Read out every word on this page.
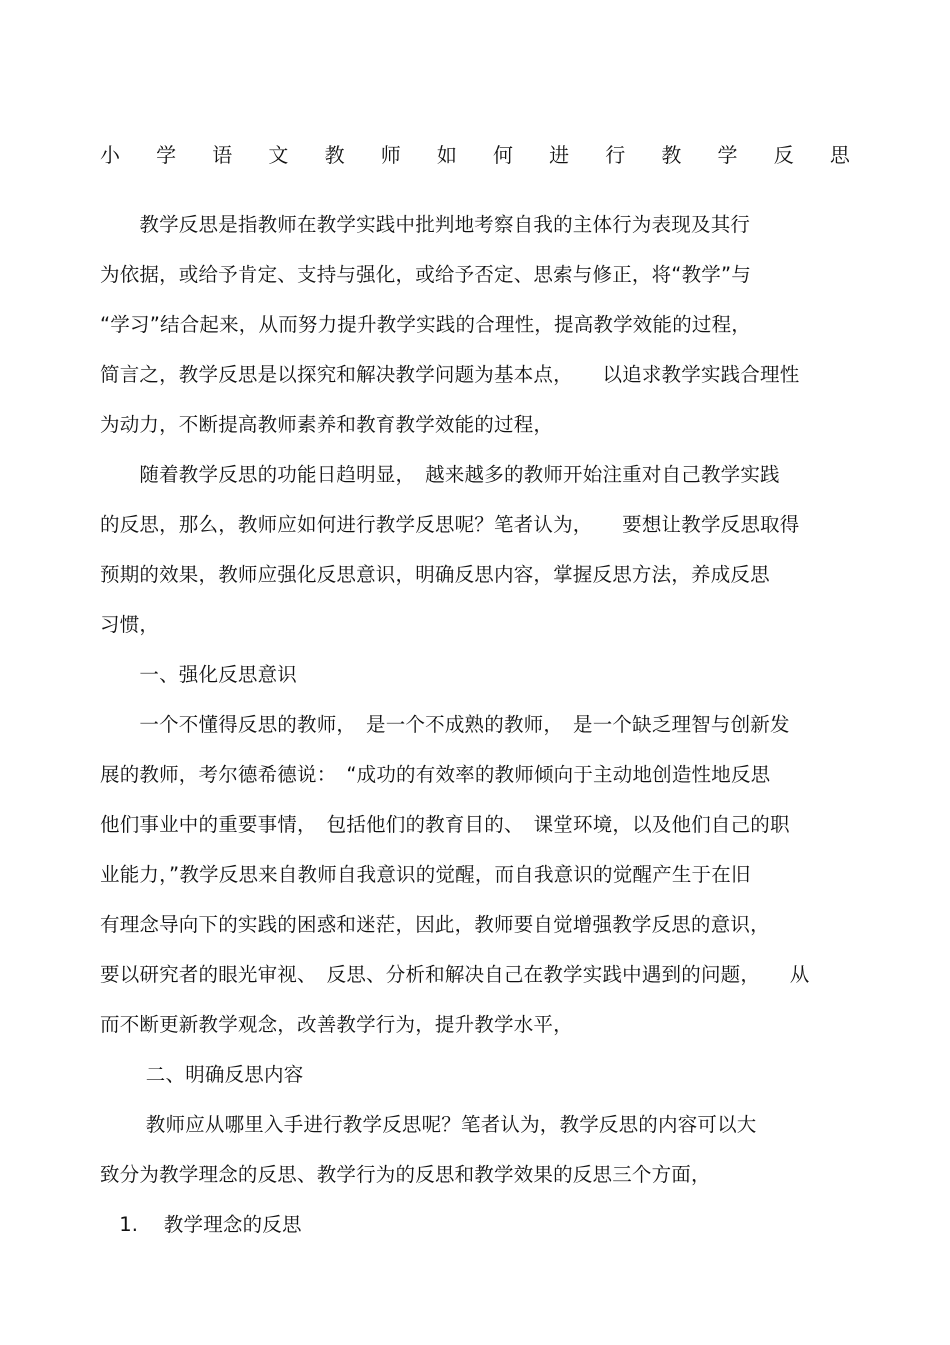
小 学 语 文 教 师 如 何 进 行 教 学 反 思
　　教学反思是指教师在教学实践中批判地考察自我的主体行为表现及其行
为依据，或给予肯定、支持与强化，或给予否定、思索与修正，将“教学”与
“学习”结合起来，从而努力提升教学实践的合理性，提高教学效能的过程，
简言之，教学反思是以探究和解决教学问题为基本点，　　以追求教学实践合理性
为动力，不断提高教师素养和教育教学效能的过程，
　　随着教学反思的功能日趋明显，　越来越多的教师开始注重对自己教学实践
的反思，那么，教师应如何进行教学反思呢？笔者认为，　　要想让教学反思取得
预期的效果，教师应强化反思意识，明确反思内容，掌握反思方法，养成反思
习惯，
　　一、强化反思意识
　　一个不懂得反思的教师，　是一个不成熟的教师，　是一个缺乏理智与创新发
展的教师，考尔德希德说：　“成功的有效率的教师倾向于主动地创造性地反思
他们事业中的重要事情，　包括他们的教育目的、　课堂环境，以及他们自己的职
业能力，”教学反思来自教师自我意识的觉醒，而自我意识的觉醒产生于在旧
有理念导向下的实践的困惑和迷茫，因此，教师要自觉增强教学反思的意识，
要以研究者的眼光审视、　反思、分析和解决自己在教学实践中遇到的问题，　　从
而不断更新教学观念，改善教学行为，提升教学水平，
　　 二、明确反思内容
　　 教师应从哪里入手进行教学反思呢？笔者认为，教学反思的内容可以大
致分为教学理念的反思、教学行为的反思和教学效果的反思三个方面，
1.    教学理念的反思
